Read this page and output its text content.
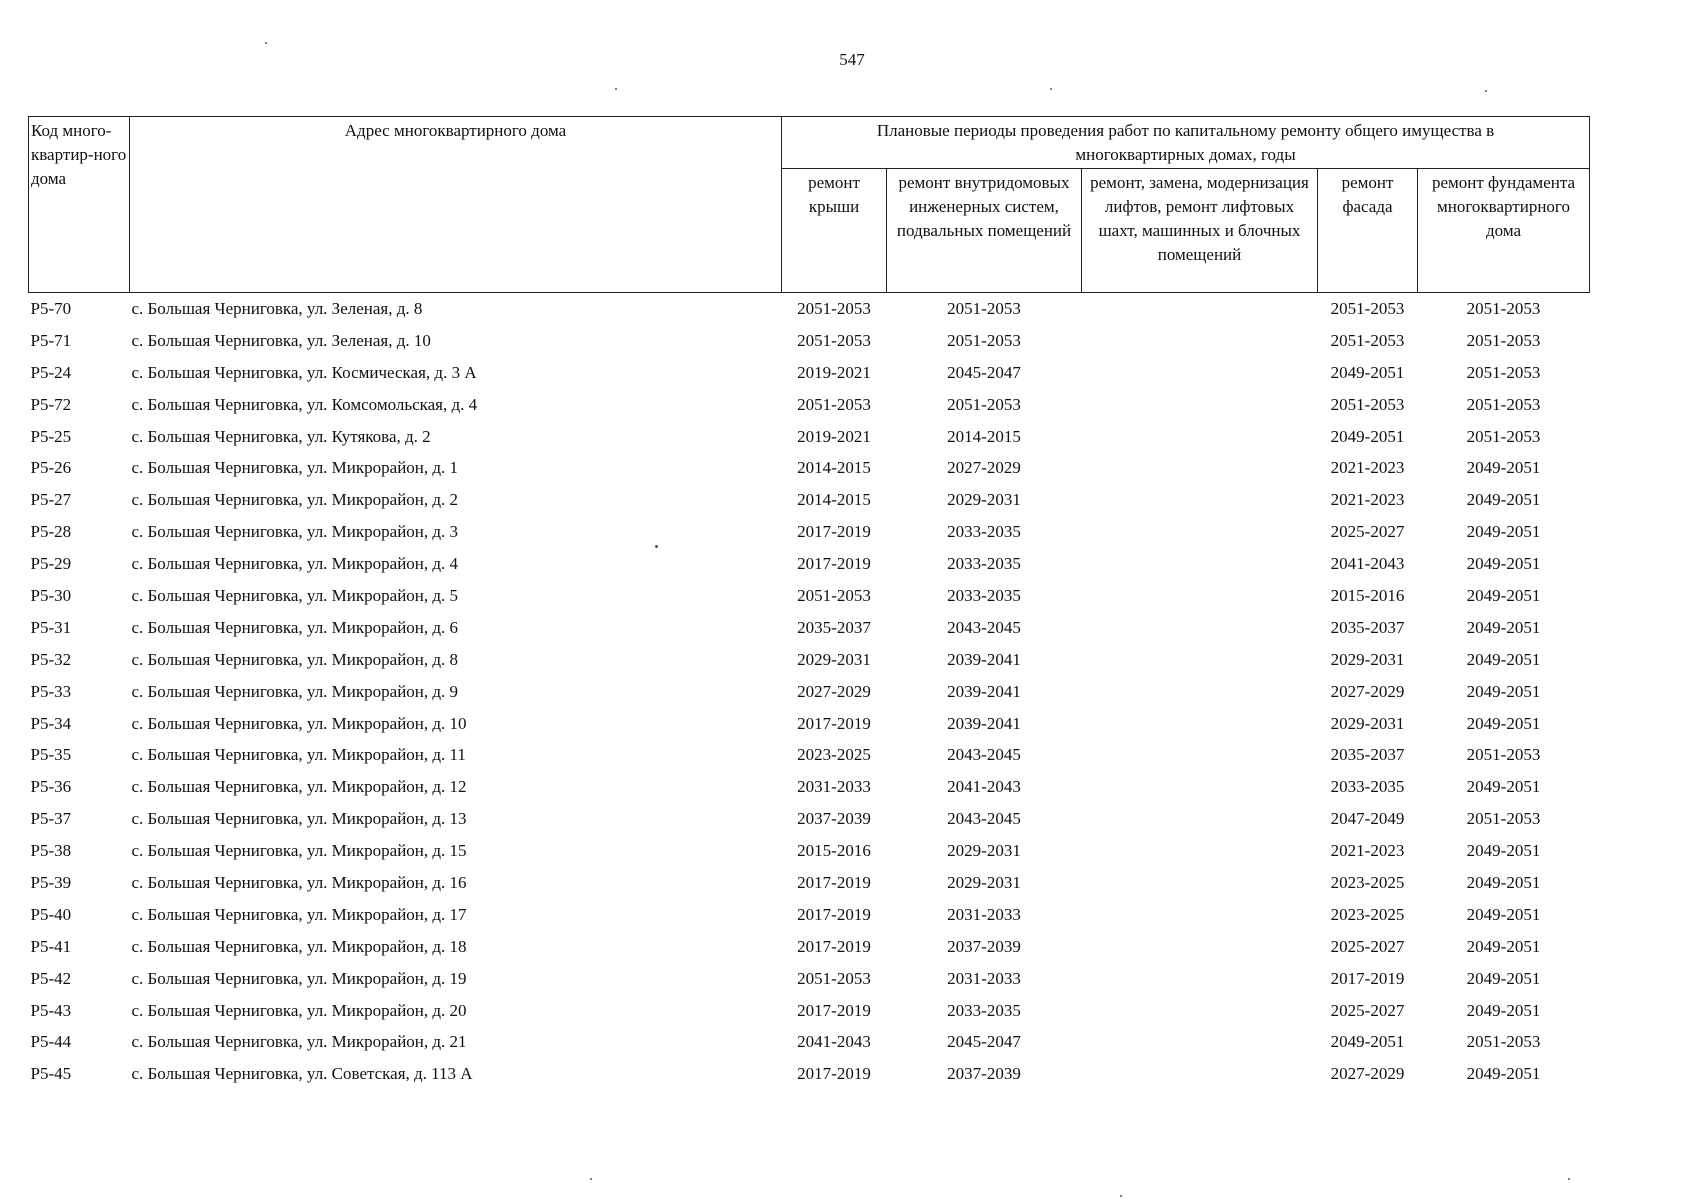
547
Код много-квартир-ного дома	Адрес многоквартирного дома	Плановые периоды проведения работ по капитальному ремонту общего имущества в многоквартирных домах, годы				
		ремонт крыши	ремонт внутридомовых инженерных систем, подвальных помещений	ремонт, замена, модернизация лифтов, ремонт лифтовых шахт, машинных и блочных помещений	ремонт фасада	ремонт фундамента многоквартирного дома
Р5-70	с. Большая Черниговка, ул. Зеленая, д. 8	2051-2053	2051-2053		2051-2053	2051-2053
Р5-71	с. Большая Черниговка, ул. Зеленая, д. 10	2051-2053	2051-2053		2051-2053	2051-2053
Р5-24	с. Большая Черниговка, ул. Космическая, д. 3 А	2019-2021	2045-2047		2049-2051	2051-2053
Р5-72	с. Большая Черниговка, ул. Комсомольская, д. 4	2051-2053	2051-2053		2051-2053	2051-2053
Р5-25	с. Большая Черниговка, ул. Кутякова, д. 2	2019-2021	2014-2015		2049-2051	2051-2053
Р5-26	с. Большая Черниговка, ул. Микрорайон, д. 1	2014-2015	2027-2029		2021-2023	2049-2051
Р5-27	с. Большая Черниговка, ул. Микрорайон, д. 2	2014-2015	2029-2031		2021-2023	2049-2051
Р5-28	с. Большая Черниговка, ул. Микрорайон, д. 3	2017-2019	2033-2035		2025-2027	2049-2051
Р5-29	с. Большая Черниговка, ул. Микрорайон, д. 4	2017-2019	2033-2035		2041-2043	2049-2051
Р5-30	с. Большая Черниговка, ул. Микрорайон, д. 5	2051-2053	2033-2035		2015-2016	2049-2051
Р5-31	с. Большая Черниговка, ул. Микрорайон, д. 6	2035-2037	2043-2045		2035-2037	2049-2051
Р5-32	с. Большая Черниговка, ул. Микрорайон, д. 8	2029-2031	2039-2041		2029-2031	2049-2051
Р5-33	с. Большая Черниговка, ул. Микрорайон, д. 9	2027-2029	2039-2041		2027-2029	2049-2051
Р5-34	с. Большая Черниговка, ул. Микрорайон, д. 10	2017-2019	2039-2041		2029-2031	2049-2051
Р5-35	с. Большая Черниговка, ул. Микрорайон, д. 11	2023-2025	2043-2045		2035-2037	2051-2053
Р5-36	с. Большая Черниговка, ул. Микрорайон, д. 12	2031-2033	2041-2043		2033-2035	2049-2051
Р5-37	с. Большая Черниговка, ул. Микрорайон, д. 13	2037-2039	2043-2045		2047-2049	2051-2053
Р5-38	с. Большая Черниговка, ул. Микрорайон, д. 15	2015-2016	2029-2031		2021-2023	2049-2051
Р5-39	с. Большая Черниговка, ул. Микрорайон, д. 16	2017-2019	2029-2031		2023-2025	2049-2051
Р5-40	с. Большая Черниговка, ул. Микрорайон, д. 17	2017-2019	2031-2033		2023-2025	2049-2051
Р5-41	с. Большая Черниговка, ул. Микрорайон, д. 18	2017-2019	2037-2039		2025-2027	2049-2051
Р5-42	с. Большая Черниговка, ул. Микрорайон, д. 19	2051-2053	2031-2033		2017-2019	2049-2051
Р5-43	с. Большая Черниговка, ул. Микрорайон, д. 20	2017-2019	2033-2035		2025-2027	2049-2051
Р5-44	с. Большая Черниговка, ул. Микрорайон, д. 21	2041-2043	2045-2047		2049-2051	2051-2053
Р5-45	с. Большая Черниговка, ул. Советская, д. 113 А	2017-2019	2037-2039		2027-2029	2049-2051
